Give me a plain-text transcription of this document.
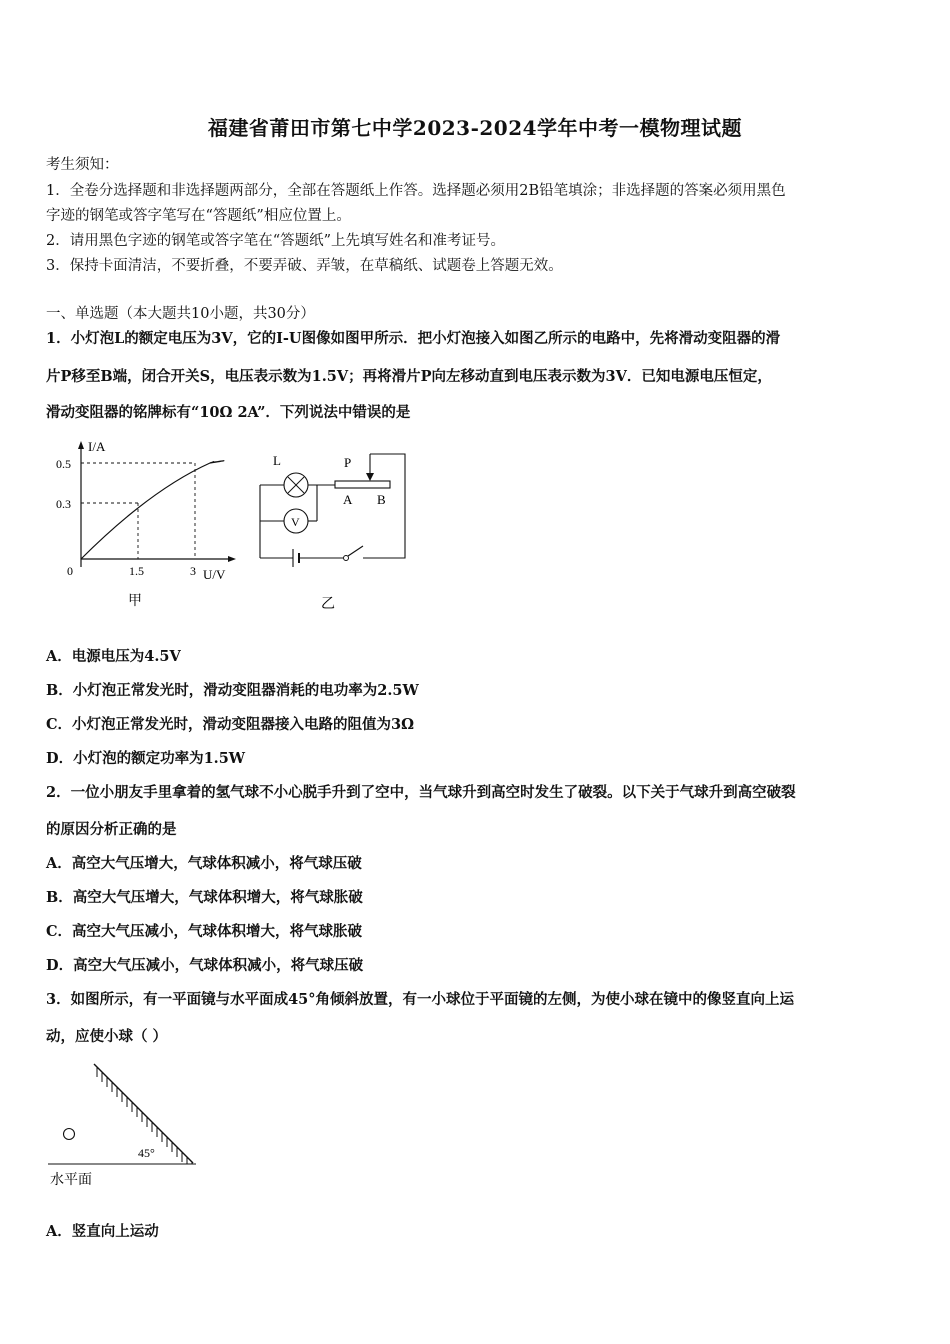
福建省莆田市第七中学2023-2024学年中考一模物理试题
考生须知：
1．全卷分选择题和非选择题两部分，全部在答题纸上作答。选择题必须用2B铅笔填涂；非选择题的答案必须用黑色
字迹的钢笔或答字笔写在“答题纸”相应位置上。
2．请用黑色字迹的钢笔或答字笔在“答题纸”上先填写姓名和准考证号。
3．保持卡面清洁，不要折叠，不要弄破、弄皱，在草稿纸、试题卷上答题无效。
一、单选题（本大题共10小题，共30分）
1．小灯泡L的额定电压为3V，它的I-U图像如图甲所示．把小灯泡接入如图乙所示的电路中，先将滑动变阻器的滑
片P移至B端，闭合开关S，电压表示数为1.5V；再将滑片P向左移动直到电压表示数为3V．已知电源电压恒定，
滑动变阻器的铭牌标有“10Ω 2A”．下列说法中错误的是
I/A
0.5
0.3
0	1.5	3 U/V
甲
P
A B
L
V
乙
A．电源电压为4.5V
B．小灯泡正常发光时，滑动变阻器消耗的电功率为2.5W
C．小灯泡正常发光时，滑动变阻器接入电路的阻值为3Ω
D．小灯泡的额定功率为1.5W
2．一位小朋友手里拿着的氢气球不小心脱手升到了空中，当气球升到高空时发生了破裂。以下关于气球升到高空破裂
的原因分析正确的是
A．高空大气压增大，气球体积减小，将气球压破
B．高空大气压增大，气球体积增大，将气球胀破
C．高空大气压减小，气球体积增大，将气球胀破
D．高空大气压减小，气球体积减小，将气球压破
3．如图所示，有一平面镜与水平面成45°角倾斜放置，有一小球位于平面镜的左侧，为使小球在镜中的像竖直向上运
动，应使小球（ ）
45°
水平面
A．竖直向上运动
